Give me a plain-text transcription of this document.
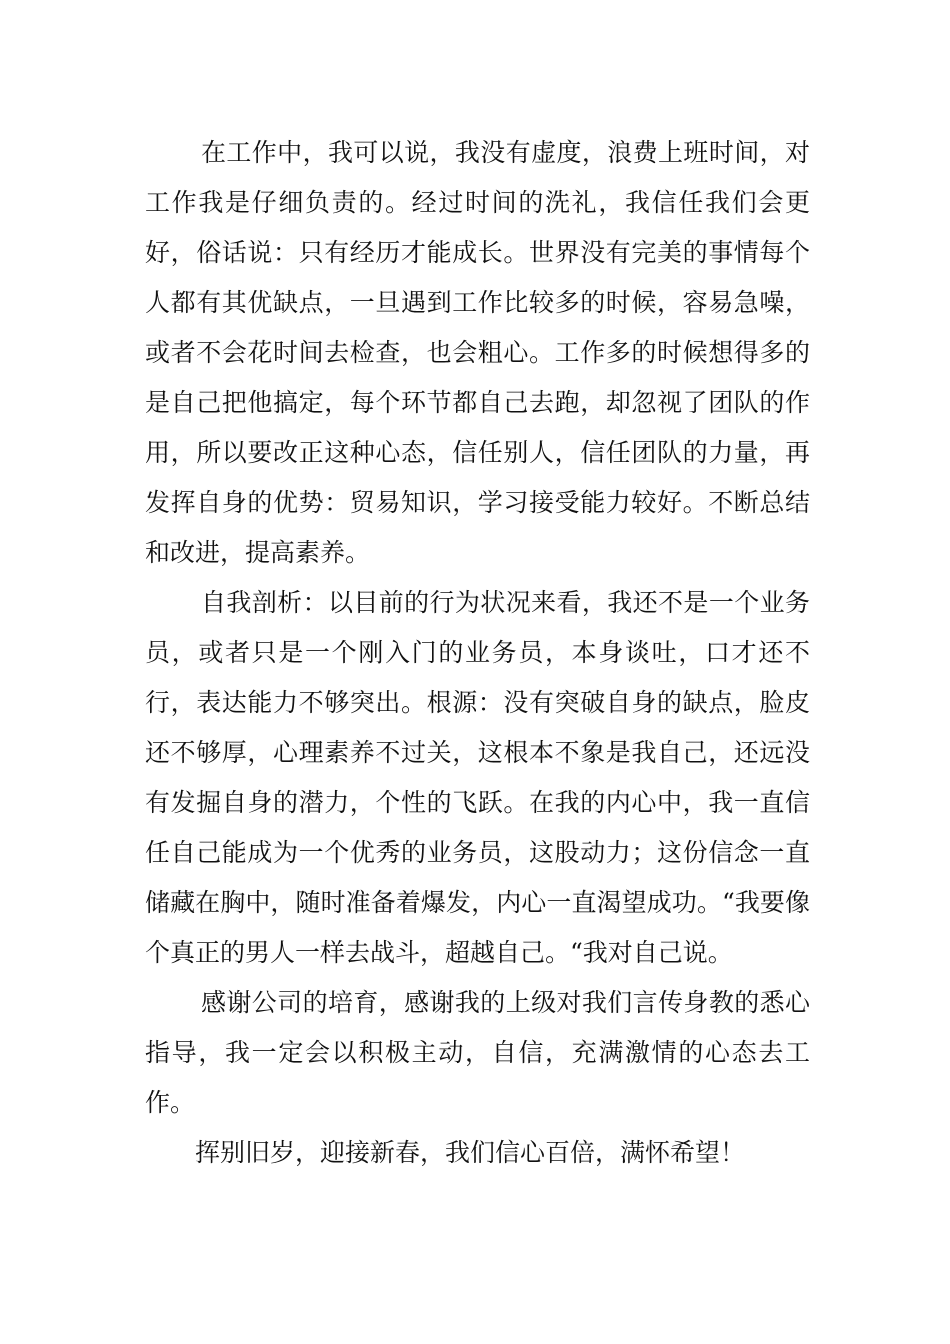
在工作中，我可以说，我没有虚度，浪费上班时间，对工作我是仔细负责的。经过时间的洗礼，我信任我们会更好，俗话说：只有经历才能成长。世界没有完美的事情每个人都有其优缺点，一旦遇到工作比较多的时候，容易急噪，或者不会花时间去检查，也会粗心。工作多的时候想得多的是自己把他搞定，每个环节都自己去跑，却忽视了团队的作用，所以要改正这种心态，信任别人，信任团队的力量，再发挥自身的优势：贸易知识，学习接受能力较好。不断总结和改进，提高素养。

自我剖析：以目前的行为状况来看，我还不是一个业务员，或者只是一个刚入门的业务员，本身谈吐，口才还不行，表达能力不够突出。根源：没有突破自身的缺点，脸皮还不够厚，心理素养不过关，这根本不象是我自己，还远没有发掘自身的潜力，个性的飞跃。在我的内心中，我一直信任自己能成为一个优秀的业务员，这股动力；这份信念一直储藏在胸中，随时准备着爆发，内心一直渴望成功。“我要像个真正的男人一样去战斗，超越自己。“我对自己说。

感谢公司的培育，感谢我的上级对我们言传身教的悉心指导，我一定会以积极主动，自信，充满激情的心态去工作。

挥别旧岁，迎接新春，我们信心百倍，满怀希望！
